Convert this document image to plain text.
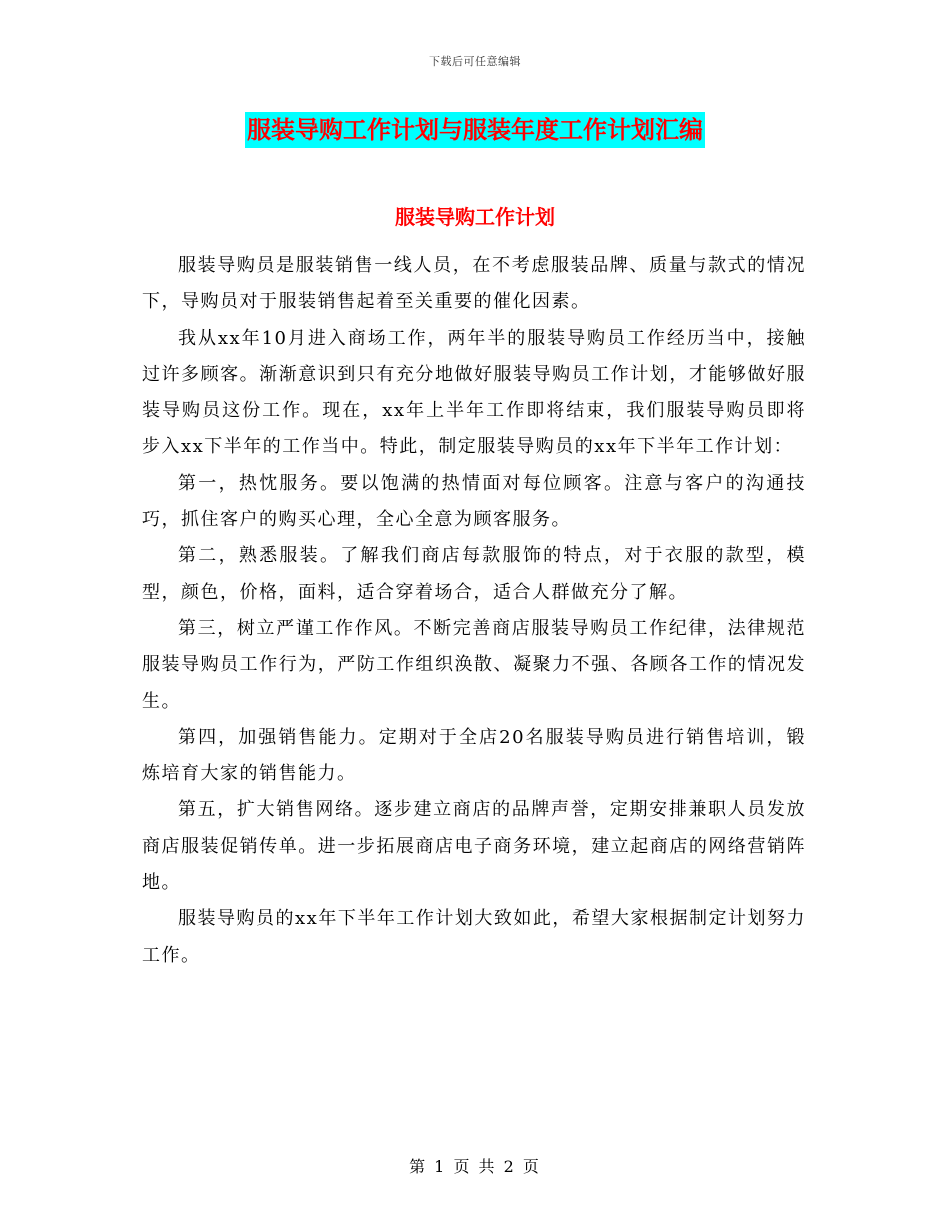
下载后可任意编辑
服装导购工作计划与服装年度工作计划汇编
服装导购工作计划

服装导购员是服装销售一线人员，在不考虑服装品牌、质量与款式的情况下，导购员对于服装销售起着至关重要的催化因素。

我从xx年10月进入商场工作，两年半的服装导购员工作经历当中，接触过许多顾客。渐渐意识到只有充分地做好服装导购员工作计划，才能够做好服装导购员这份工作。现在，xx年上半年工作即将结束，我们服装导购员即将步入xx下半年的工作当中。特此，制定服装导购员的xx年下半年工作计划：

第一，热忱服务。要以饱满的热情面对每位顾客。注意与客户的沟通技巧，抓住客户的购买心理，全心全意为顾客服务。

第二，熟悉服装。了解我们商店每款服饰的特点，对于衣服的款型，模型，颜色，价格，面料，适合穿着场合，适合人群做充分了解。

第三，树立严谨工作作风。不断完善商店服装导购员工作纪律，法律规范服装导购员工作行为，严防工作组织涣散、凝聚力不强、各顾各工作的情况发生。

第四，加强销售能力。定期对于全店20名服装导购员进行销售培训，锻炼培育大家的销售能力。

第五，扩大销售网络。逐步建立商店的品牌声誉，定期安排兼职人员发放商店服装促销传单。进一步拓展商店电子商务环境，建立起商店的网络营销阵地。

服装导购员的xx年下半年工作计划大致如此，希望大家根据制定计划努力工作。

第 1 页 共 2 页
